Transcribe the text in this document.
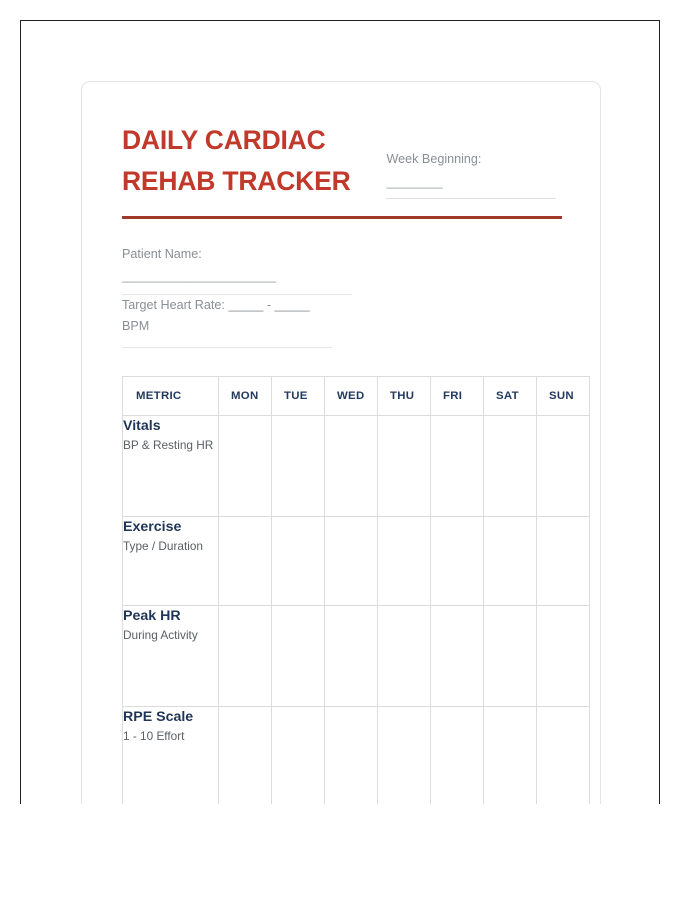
DAILY CARDIAC
REHAB TRACKER

Week Beginning:
________
Patient Name:
______________________

Target Heart Rate: _____ - _____
BPM
METRIC	MON	TUE	WED	THU	FRI	SAT	SUN

Vitals
BP & Resting HR							

Exercise
Type / Duration							

Peak HR
During Activity							

RPE Scale
1 - 10 Effort							
